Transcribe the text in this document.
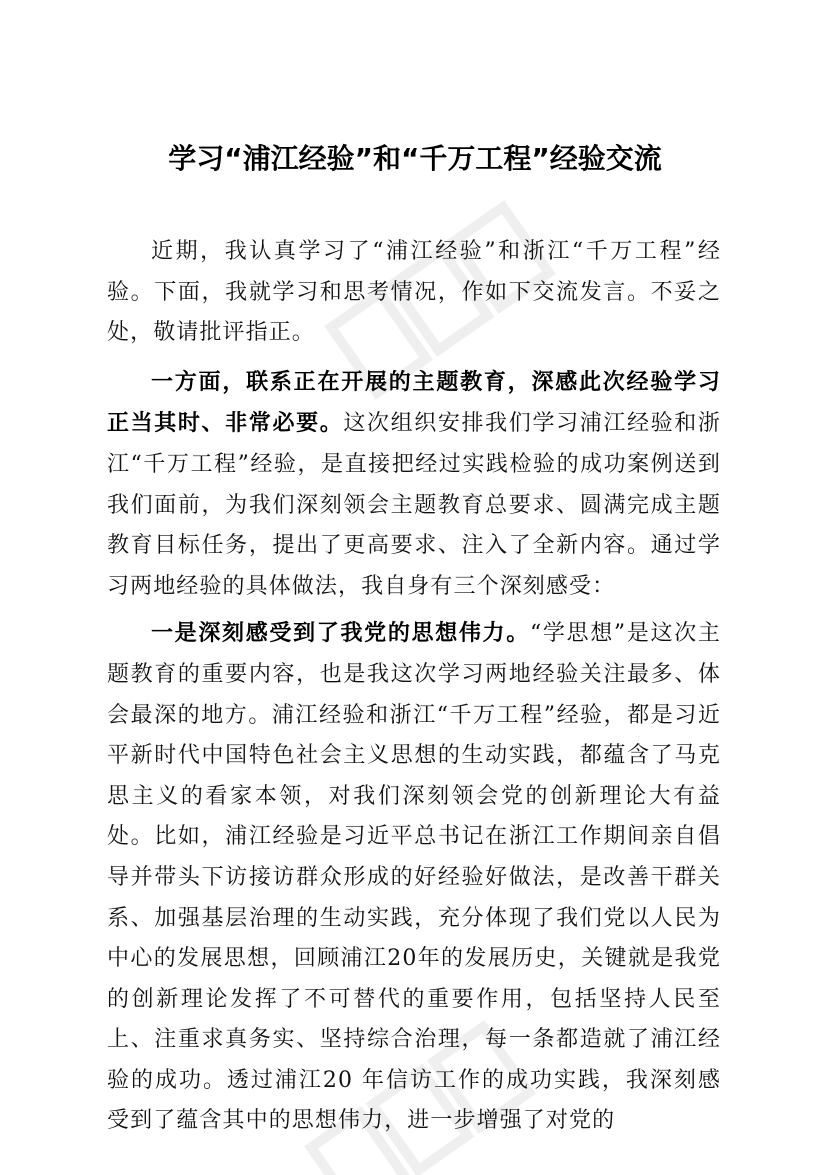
学习“浦江经验”和“千万工程”经验交流

近期，我认真学习了“浦江经验”和浙江“千万工程”经验。下面，我就学习和思考情况，作如下交流发言。不妥之处，敬请批评指正。

一方面，联系正在开展的主题教育，深感此次经验学习正当其时、非常必要。这次组织安排我们学习浦江经验和浙江“千万工程”经验，是直接把经过实践检验的成功案例送到我们面前，为我们深刻领会主题教育总要求、圆满完成主题教育目标任务，提出了更高要求、注入了全新内容。通过学习两地经验的具体做法，我自身有三个深刻感受：

一是深刻感受到了我党的思想伟力。“学思想”是这次主题教育的重要内容，也是我这次学习两地经验关注最多、体会最深的地方。浦江经验和浙江“千万工程”经验，都是习近平新时代中国特色社会主义思想的生动实践，都蕴含了马克思主义的看家本领，对我们深刻领会党的创新理论大有益处。比如，浦江经验是习近平总书记在浙江工作期间亲自倡导并带头下访接访群众形成的好经验好做法，是改善干群关系、加强基层治理的生动实践，充分体现了我们党以人民为中心的发展思想，回顾浦江20年的发展历史，关键就是我党的创新理论发挥了不可替代的重要作用，包括坚持人民至上、注重求真务实、坚持综合治理，每一条都造就了浦江经验的成功。透过浦江20 年信访工作的成功实践，我深刻感受到了蕴含其中的思想伟力，进一步增强了对党的
